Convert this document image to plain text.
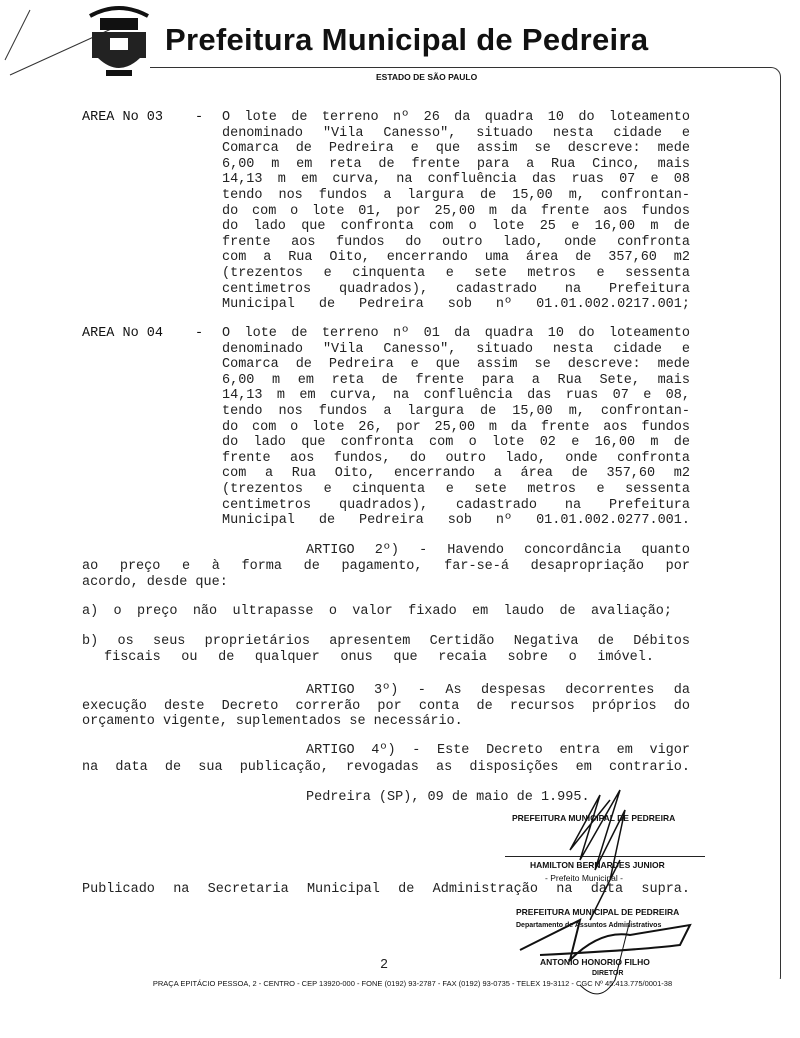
Prefeitura Municipal de Pedreira
ESTADO DE SÃO PAULO
AREA No 03 - O lote de terreno nº 26 da quadra 10 do loteamento
denominado "Vila Canesso", situado nesta cidade e
Comarca de Pedreira e que assim se descreve: mede
6,00 m em reta de frente para a Rua Cinco, mais
14,13 m em curva, na confluência das ruas 07 e 08
tendo nos fundos a largura de 15,00 m, confrontan-
do com o lote 01, por 25,00 m da frente aos fundos
do lado que confronta com o lote 25 e 16,00 m de
frente aos fundos do outro lado, onde confronta
com a Rua Oito, encerrando uma área de 357,60 m2
(trezentos e cinquenta e sete metros e sessenta
centimetros quadrados), cadastrado na Prefeitura
Municipal de Pedreira sob nº 01.01.002.0217.001;
AREA No 04 - O lote de terreno nº 01 da quadra 10 do loteamento
denominado "Vila Canesso", situado nesta cidade e
Comarca de Pedreira e que assim se descreve: mede
6,00 m em reta de frente para a Rua Sete, mais
14,13 m em curva, na confluência das ruas 07 e 08,
tendo nos fundos a largura de 15,00 m, confrontan-
do com o lote 26, por 25,00 m da frente aos fundos
do lado que confronta com o lote 02 e 16,00 m de
frente aos fundos, do outro lado, onde confronta
com a Rua Oito, encerrando a área de 357,60 m2
(trezentos e cinquenta e sete metros e sessenta
centimetros quadrados), cadastrado na Prefeitura
Municipal de Pedreira sob nº 01.01.002.0277.001.
ARTIGO 2º) - Havendo concordância quanto
ao preço e à forma de pagamento, far-se-á desapropriação por
acordo, desde que:
a) o preço não ultrapasse o valor fixado em laudo de avaliação;
b) os seus proprietários apresentem Certidão Negativa de Débitos
fiscais ou de qualquer onus que recaia sobre o imóvel.
ARTIGO 3º) - As despesas decorrentes da
execução deste Decreto correrão por conta de recursos próprios do
orçamento vigente, suplementados se necessário.
ARTIGO 4º) - Este Decreto entra em vigor
na data de sua publicação, revogadas as disposições em contrario.
Pedreira (SP), 09 de maio de 1.995.
PREFEITURA MUNICIPAL DE PEDREIRA
HAMILTON BERNARDES JUNIOR
- Prefeito Municipal -
Publicado na Secretaria Municipal de Administração na data supra.
PREFEITURA MUNICIPAL DE PEDREIRA
Departamento de Assuntos Administrativos
ANTONIO HONORIO FILHO
DIRETOR
2
PRAÇA EPITÁCIO PESSOA, 2 - CENTRO - CEP 13920-000 - FONE (0192) 93-2787 - FAX (0192) 93-0735 - TELEX 19-3112 - CGC Nº 45.413.775/0001-38
